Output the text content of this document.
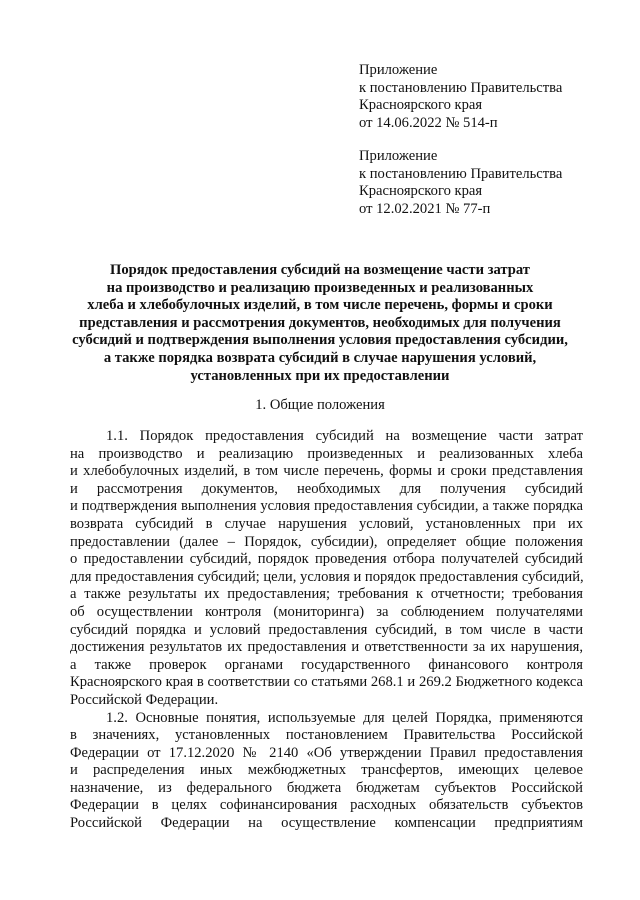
Приложение
к постановлению Правительства
Красноярского края
от 14.06.2022 № 514-п
Приложение
к постановлению Правительства
Красноярского края
от 12.02.2021 № 77-п
Порядок предоставления субсидий на возмещение части затрат
на производство и реализацию произведенных и реализованных
хлеба и хлебобулочных изделий, в том числе перечень, формы и сроки
представления и рассмотрения документов, необходимых для получения
субсидий и подтверждения выполнения условия предоставления субсидии,
а также порядка возврата субсидий в случае нарушения условий,
установленных при их предоставлении
1. Общие положения
1.1. Порядок предоставления субсидий на возмещение части затрат
на производство и реализацию произведенных и реализованных хлеба
и хлебобулочных изделий, в том числе перечень, формы и сроки представления
и рассмотрения документов, необходимых для получения субсидий
и подтверждения выполнения условия предоставления субсидии, а также порядка
возврата субсидий в случае нарушения условий, установленных при их
предоставлении (далее – Порядок, субсидии), определяет общие положения
о предоставлении субсидий, порядок проведения отбора получателей субсидий
для предоставления субсидий; цели, условия и порядок предоставления субсидий,
а также результаты их предоставления; требования к отчетности; требования
об осуществлении контроля (мониторинга) за соблюдением получателями
субсидий порядка и условий предоставления субсидий, в том числе в части
достижения результатов их предоставления и ответственности за их нарушения,
а также проверок органами государственного финансового контроля
Красноярского края в соответствии со статьями 268.1 и 269.2 Бюджетного кодекса
Российской Федерации.
1.2. Основные понятия, используемые для целей Порядка, применяются
в значениях, установленных постановлением Правительства Российской
Федерации от 17.12.2020 № 2140 «Об утверждении Правил предоставления
и распределения иных межбюджетных трансфертов, имеющих целевое
назначение, из федерального бюджета бюджетам субъектов Российской
Федерации в целях софинансирования расходных обязательств субъектов
Российской Федерации на осуществление компенсации предприятиям
